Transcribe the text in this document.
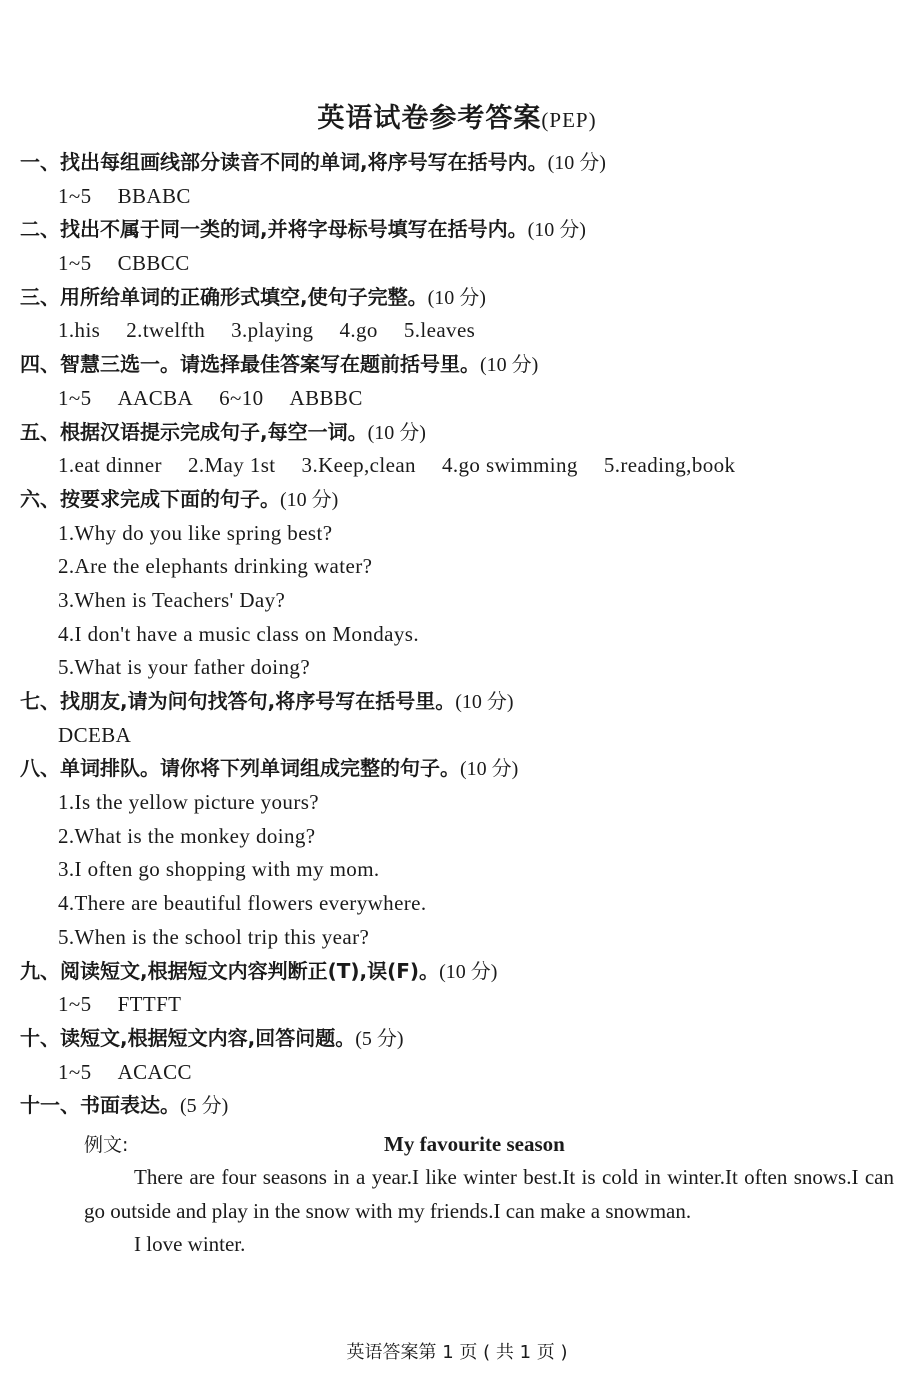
英语试卷参考答案(PEP)
一、找出每组画线部分读音不同的单词,将序号写在括号内。(10 分)
1~5 BBABC
二、找出不属于同一类的词,并将字母标号填写在括号内。(10 分)
1~5 CBBCC
三、用所给单词的正确形式填空,使句子完整。(10 分)
1.his 2.twelfth 3.playing 4.go 5.leaves
四、智慧三选一。请选择最佳答案写在题前括号里。(10 分)
1~5 AACBA 6~10 ABBBC
五、根据汉语提示完成句子,每空一词。(10 分)
1.eat dinner 2.May 1st 3.Keep,clean 4.go swimming 5.reading,book
六、按要求完成下面的句子。(10 分)
1.Why do you like spring best?
2.Are the elephants drinking water?
3.When is Teachers' Day?
4.I don't have a music class on Mondays.
5.What is your father doing?
七、找朋友,请为问句找答句,将序号写在括号里。(10 分)
DCEBA
八、单词排队。请你将下列单词组成完整的句子。(10 分)
1.Is the yellow picture yours?
2.What is the monkey doing?
3.I often go shopping with my mom.
4.There are beautiful flowers everywhere.
5.When is the school trip this year?
九、阅读短文,根据短文内容判断正(T),误(F)。(10 分)
1~5 FTTFT
十、读短文,根据短文内容,回答问题。(5 分)
1~5 ACACC
十一、书面表达。(5 分)
例文:	My favourite season

There are four seasons in a year.I like winter best.It is cold in winter.It often snows.I can go outside and play in the snow with my friends.I can make a snowman.

I love winter.

英语答案第 1 页 ( 共 1 页 )
